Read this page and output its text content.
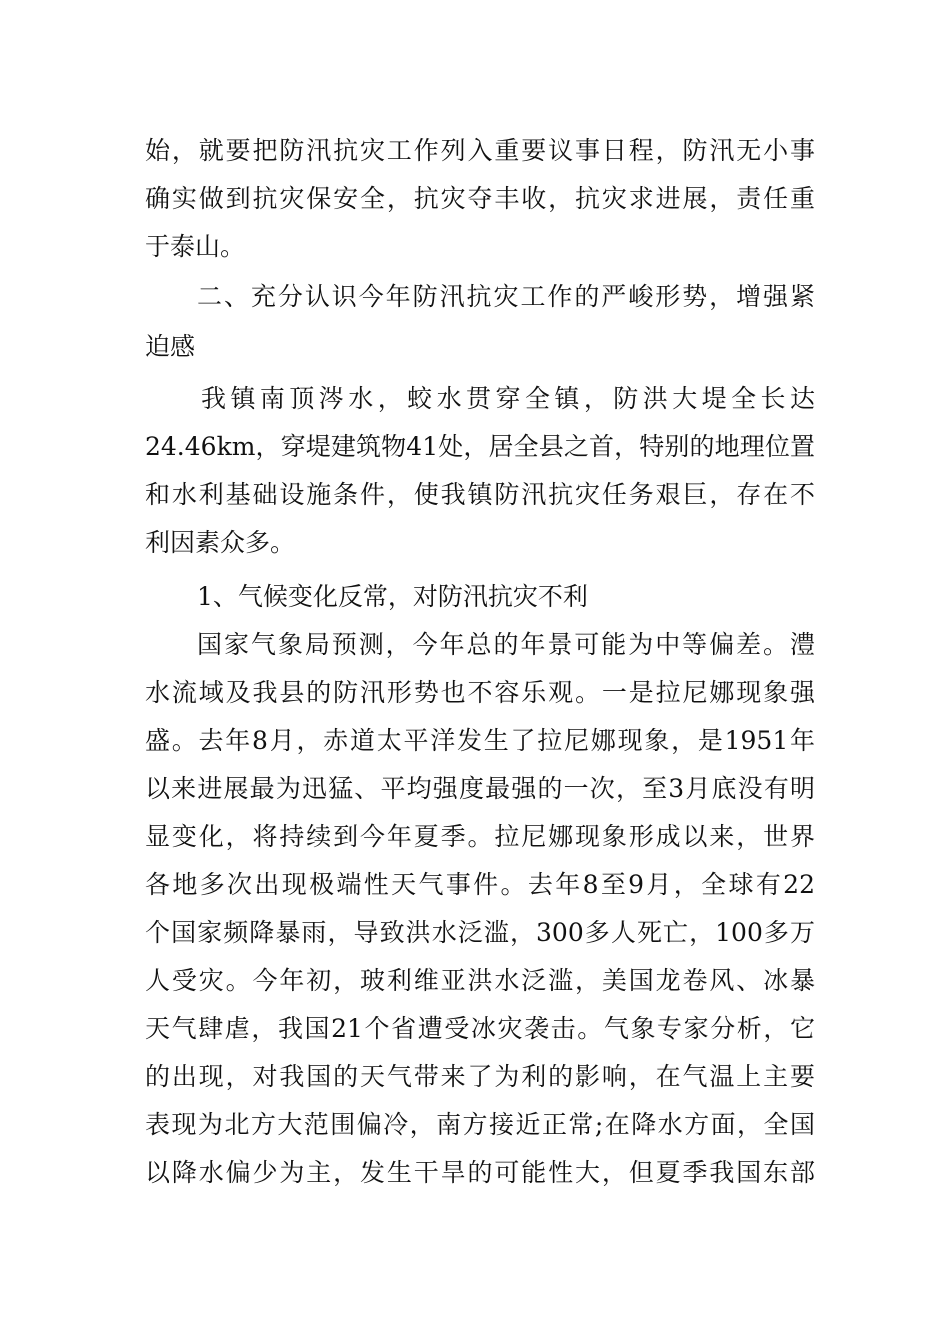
始，就要把防汛抗灾工作列入重要议事日程，防汛无小事
确实做到抗灾保安全，抗灾夺丰收，抗灾求进展，责任重
于泰山。
二、充分认识今年防汛抗灾工作的严峻形势，增强紧
迫感
我镇南顶涔水，蛟水贯穿全镇，防洪大堤全长达
24.46km，穿堤建筑物41处，居全县之首，特别的地理位置
和水利基础设施条件，使我镇防汛抗灾任务艰巨，存在不
利因素众多。
1、气候变化反常，对防汛抗灾不利
国家气象局预测，今年总的年景可能为中等偏差。澧
水流域及我县的防汛形势也不容乐观。一是拉尼娜现象强
盛。去年8月，赤道太平洋发生了拉尼娜现象，是1951年
以来进展最为迅猛、平均强度最强的一次，至3月底没有明
显变化，将持续到今年夏季。拉尼娜现象形成以来，世界
各地多次出现极端性天气事件。去年8至9月，全球有22
个国家频降暴雨，导致洪水泛滥，300多人死亡，100多万
人受灾。今年初，玻利维亚洪水泛滥，美国龙卷风、冰暴
天气肆虐，我国21个省遭受冰灾袭击。气象专家分析，它
的出现，对我国的天气带来了为利的影响，在气温上主要
表现为北方大范围偏冷，南方接近正常;在降水方面，全国
以降水偏少为主，发生干旱的可能性大，但夏季我国东部
